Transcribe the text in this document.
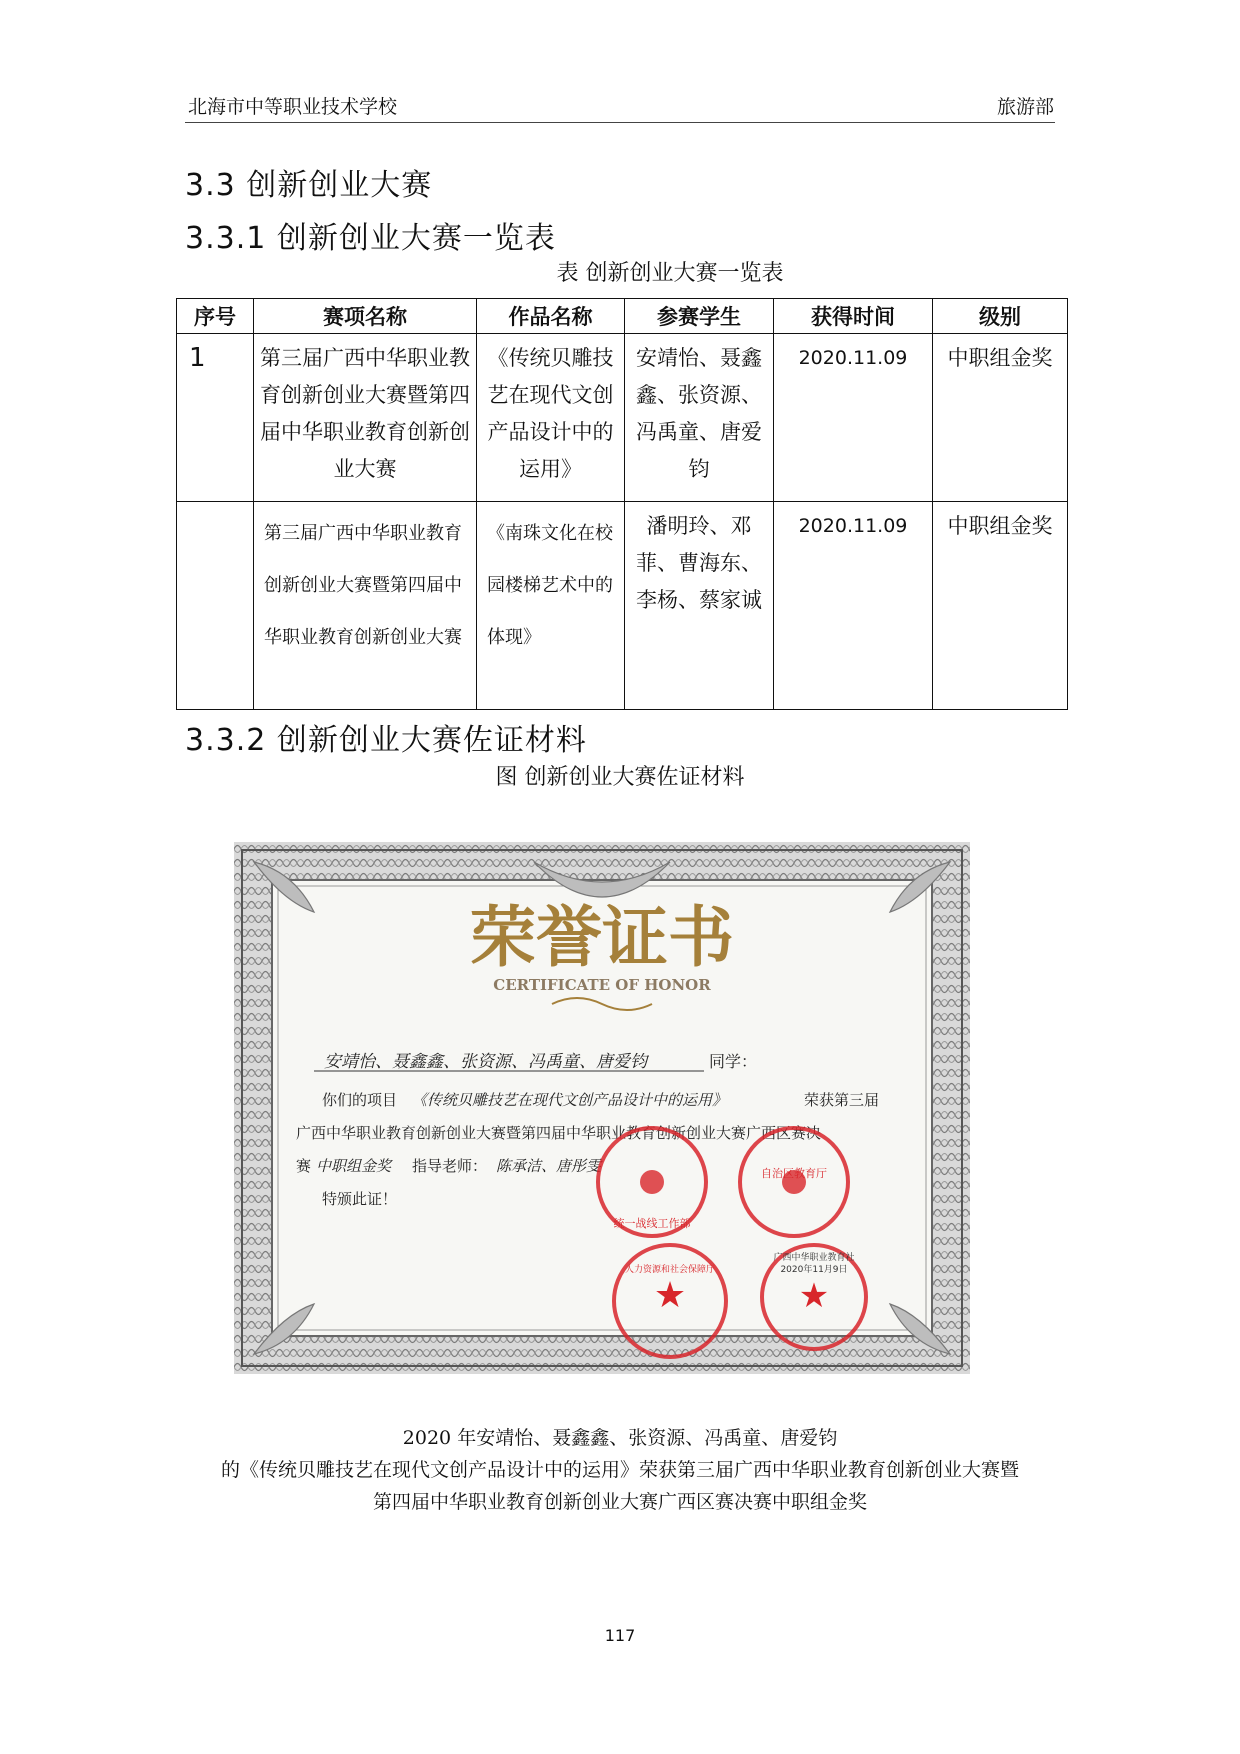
北海市中等职业技术学校	旅游部
3.3 创新创业大赛
3.3.1 创新创业大赛一览表
表 创新创业大赛一览表
序号	赛项名称	作品名称	参赛学生	获得时间	级别
1	第三届广西中华职业教育创新创业大赛暨第四届中华职业教育创新创业大赛	《传统贝雕技艺在现代文创产品设计中的运用》	安靖怡、聂鑫鑫、张资源、冯禹童、唐爱钧	2020.11.09	中职组金奖
	第三届广西中华职业教育创新创业大赛暨第四届中华职业教育创新创业大赛	《南珠文化在校园楼梯艺术中的体现》	潘明玲、邓菲、曹海东、李杨、蔡家诚	2020.11.09	中职组金奖
3.3.2 创新创业大赛佐证材料
图 创新创业大赛佐证材料
荣誉证书
CERTIFICATE OF HONOR
安靖怡、聂鑫鑫、张资源、冯禹童、唐爱钧	同学：
你们的项目 《传统贝雕技艺在现代文创产品设计中的运用》	荣获第三届
广西中华职业教育创新创业大赛暨第四届中华职业教育创新创业大赛广西区赛决
赛 中职组金奖 指导老师： 陈承洁、唐彤雯
特颁此证！
统一战线工作部
自治区教育厅
★
人力资源和社会保障厅
★
广西中华职业教育社
2020年11月9日
2020 年安靖怡、聂鑫鑫、张资源、冯禹童、唐爱钧
的《传统贝雕技艺在现代文创产品设计中的运用》荣获第三届广西中华职业教育创新创业大赛暨
第四届中华职业教育创新创业大赛广西区赛决赛中职组金奖
117
